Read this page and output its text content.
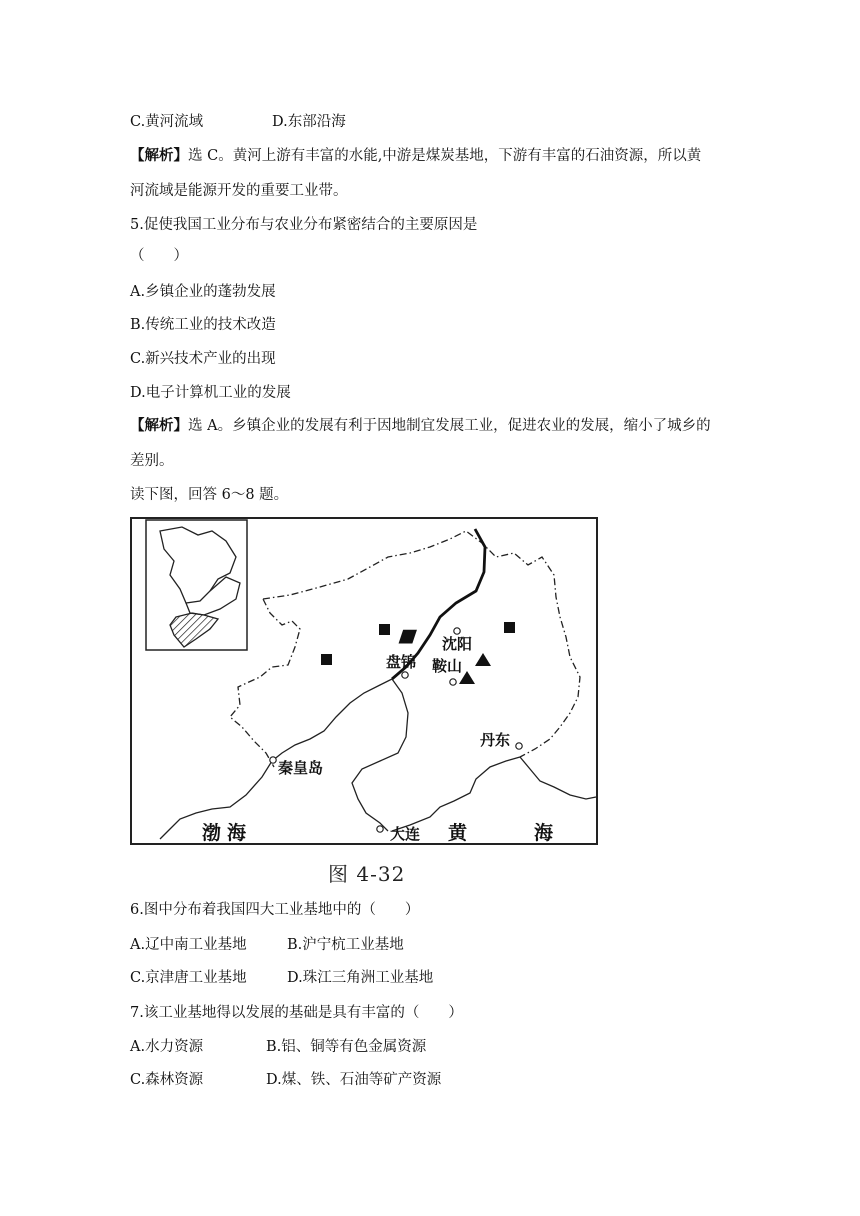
C.黄河流域	D.东部沿海
【解析】选 C。黄河上游有丰富的水能,中游是煤炭基地，下游有丰富的石油资源，所以黄
河流域是能源开发的重要工业带。
5.促使我国工业分布与农业分布紧密结合的主要原因是
（　　）
A.乡镇企业的蓬勃发展
B.传统工业的技术改造
C.新兴技术产业的出现
D.电子计算机工业的发展
【解析】选 A。乡镇企业的发展有利于因地制宜发展工业，促进农业的发展，缩小了城乡的
差别。
读下图，回答 6～8 题。
沈阳
盘锦 鞍山
丹东
秦皇岛
大连
渤海	黄	海
图 4-32
6.图中分布着我国四大工业基地中的（　　）
A.辽中南工业基地	B.沪宁杭工业基地
C.京津唐工业基地	D.珠江三角洲工业基地
7.该工业基地得以发展的基础是具有丰富的（　　）
A.水力资源	B.铝、铜等有色金属资源
C.森林资源	D.煤、铁、石油等矿产资源
